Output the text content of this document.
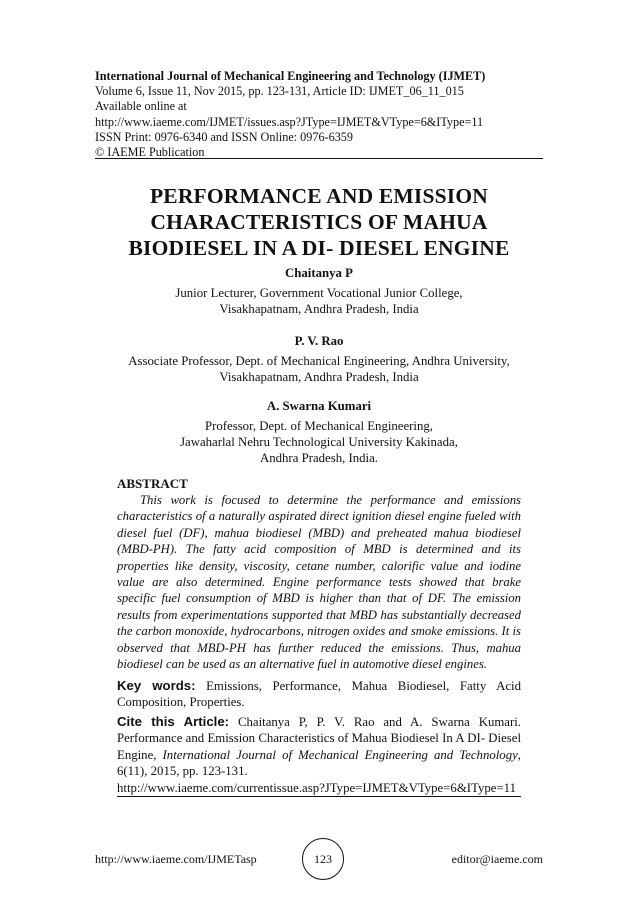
International Journal of Mechanical Engineering and Technology (IJMET)
Volume 6, Issue 11, Nov 2015, pp. 123-131, Article ID: IJMET_06_11_015
Available online at
http://www.iaeme.com/IJMET/issues.asp?JType=IJMET&VType=6&IType=11
ISSN Print: 0976-6340 and ISSN Online: 0976-6359
© IAEME Publication
PERFORMANCE AND EMISSION
CHARACTERISTICS OF MAHUA
BIODIESEL IN A DI- DIESEL ENGINE
Chaitanya P
Junior Lecturer, Government Vocational Junior College,
Visakhapatnam, Andhra Pradesh, India
P. V. Rao
Associate Professor, Dept. of Mechanical Engineering, Andhra University,
Visakhapatnam, Andhra Pradesh, India
A. Swarna Kumari
Professor, Dept. of Mechanical Engineering,
Jawaharlal Nehru Technological University Kakinada,
Andhra Pradesh, India.
ABSTRACT
This work is focused to determine the performance and emissions characteristics of a naturally aspirated direct ignition diesel engine fueled with diesel fuel (DF), mahua biodiesel (MBD) and preheated mahua biodiesel (MBD-PH). The fatty acid composition of MBD is determined and its properties like density, viscosity, cetane number, calorific value and iodine value are also determined. Engine performance tests showed that brake specific fuel consumption of MBD is higher than that of DF. The emission results from experimentations supported that MBD has substantially decreased the carbon monoxide, hydrocarbons, nitrogen oxides and smoke emissions. It is observed that MBD-PH has further reduced the emissions. Thus, mahua biodiesel can be used as an alternative fuel in automotive diesel engines.
Key words: Emissions, Performance, Mahua Biodiesel, Fatty Acid Composition, Properties.
Cite this Article: Chaitanya P, P. V. Rao and A. Swarna Kumari. Performance and Emission Characteristics of Mahua Biodiesel In A DI- Diesel Engine, International Journal of Mechanical Engineering and Technology, 6(11), 2015, pp. 123-131.
http://www.iaeme.com/currentissue.asp?JType=IJMET&VType=6&IType=11
http://www.iaeme.com/IJMETasp	123	editor@iaeme.com
